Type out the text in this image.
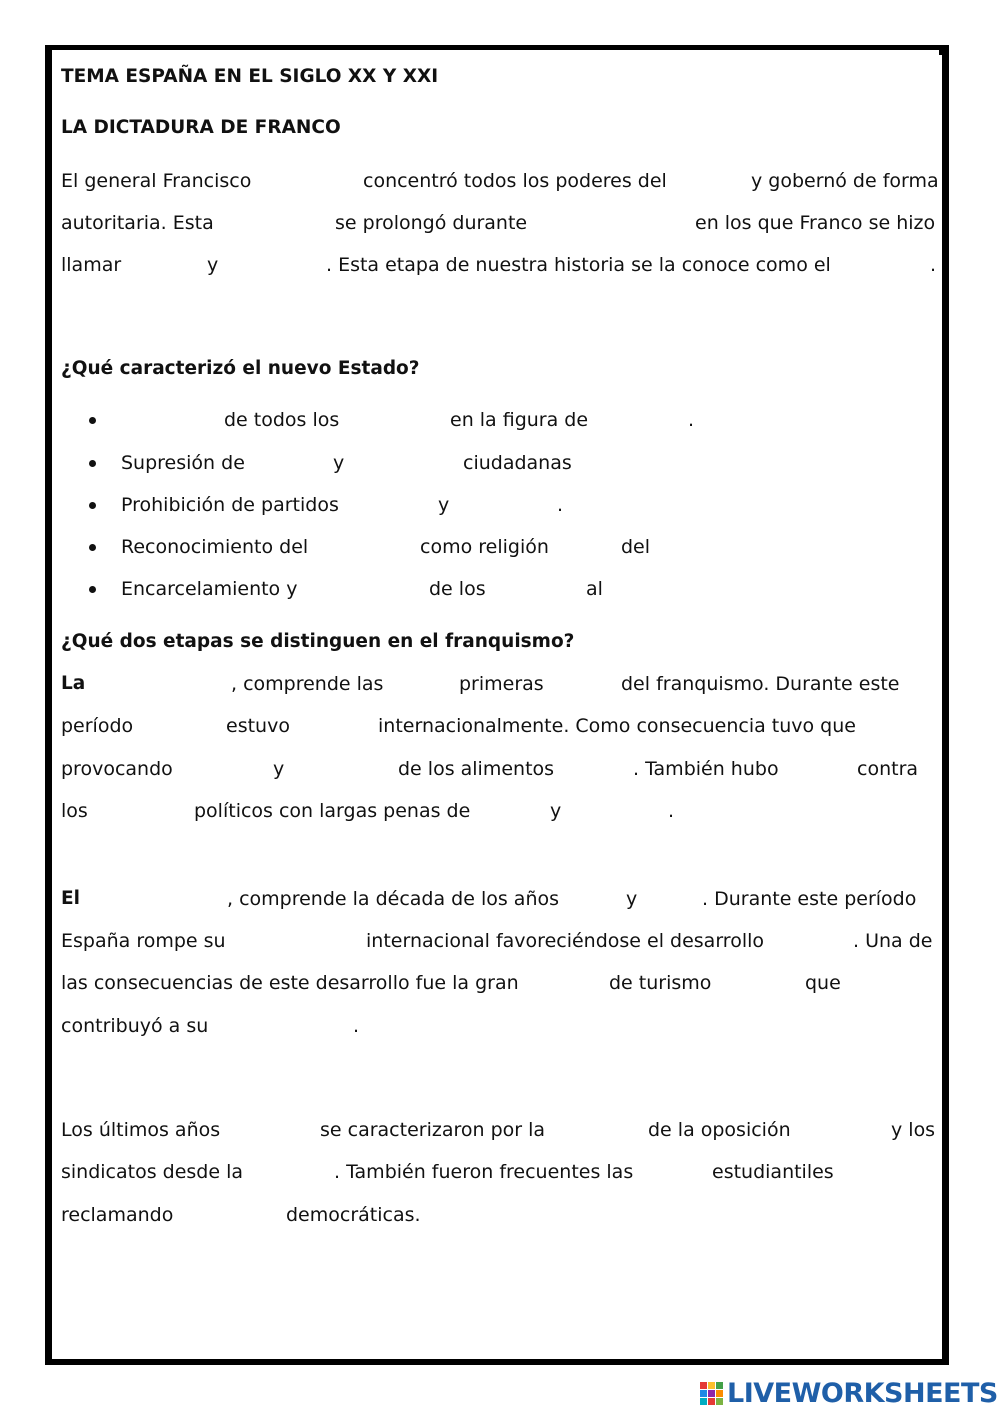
TEMA ESPAÑA EN EL SIGLO XX Y XXI
LA DICTADURA DE FRANCO
El general Francisco	concentró todos los poderes del	y gobernó de forma
autoritaria. Esta	se prolongó durante	en los que Franco se hizo
llamar	y	. Esta etapa de nuestra historia se la conoce como el	.
¿Qué caracterizó el nuevo Estado?
de todos los	en la figura de	.
Supresión de	y	ciudadanas
Prohibición de partidos	y	.
Reconocimiento del	como religión	del
Encarcelamiento y	de los	al
¿Qué dos etapas se distinguen en el franquismo?
La	, comprende las	primeras	del franquismo. Durante este
período	estuvo	internacionalmente. Como consecuencia tuvo que
provocando	y	de los alimentos	. También hubo	contra
los	políticos con largas penas de	y	.
El	, comprende la década de los años	y	. Durante este período
España rompe su	internacional favoreciéndose el desarrollo	. Una de
las consecuencias de este desarrollo fue la gran	de turismo	que
contribuyó a su	.
Los últimos años	se caracterizaron por la	de la oposición	y los
sindicatos desde la	. También fueron frecuentes las	estudiantiles
reclamando	democráticas.
LIVEWORKSHEETS
